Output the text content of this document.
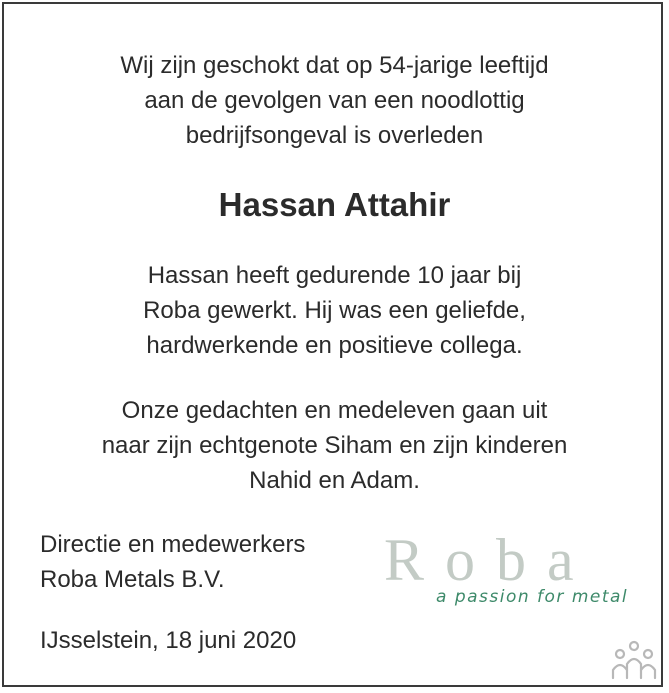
Wij zijn geschokt dat op 54-jarige leeftijd
aan de gevolgen van een noodlottig
bedrijfsongeval is overleden
Hassan Attahir
Hassan heeft gedurende 10 jaar bij
Roba gewerkt. Hij was een geliefde,
hardwerkende en positieve collega.
Onze gedachten en medeleven gaan uit
naar zijn echtgenote Siham en zijn kinderen
Nahid en Adam.
Directie en medewerkers
Roba Metals B.V.
IJsselstein, 18 juni 2020
Roba
a passion for metal
